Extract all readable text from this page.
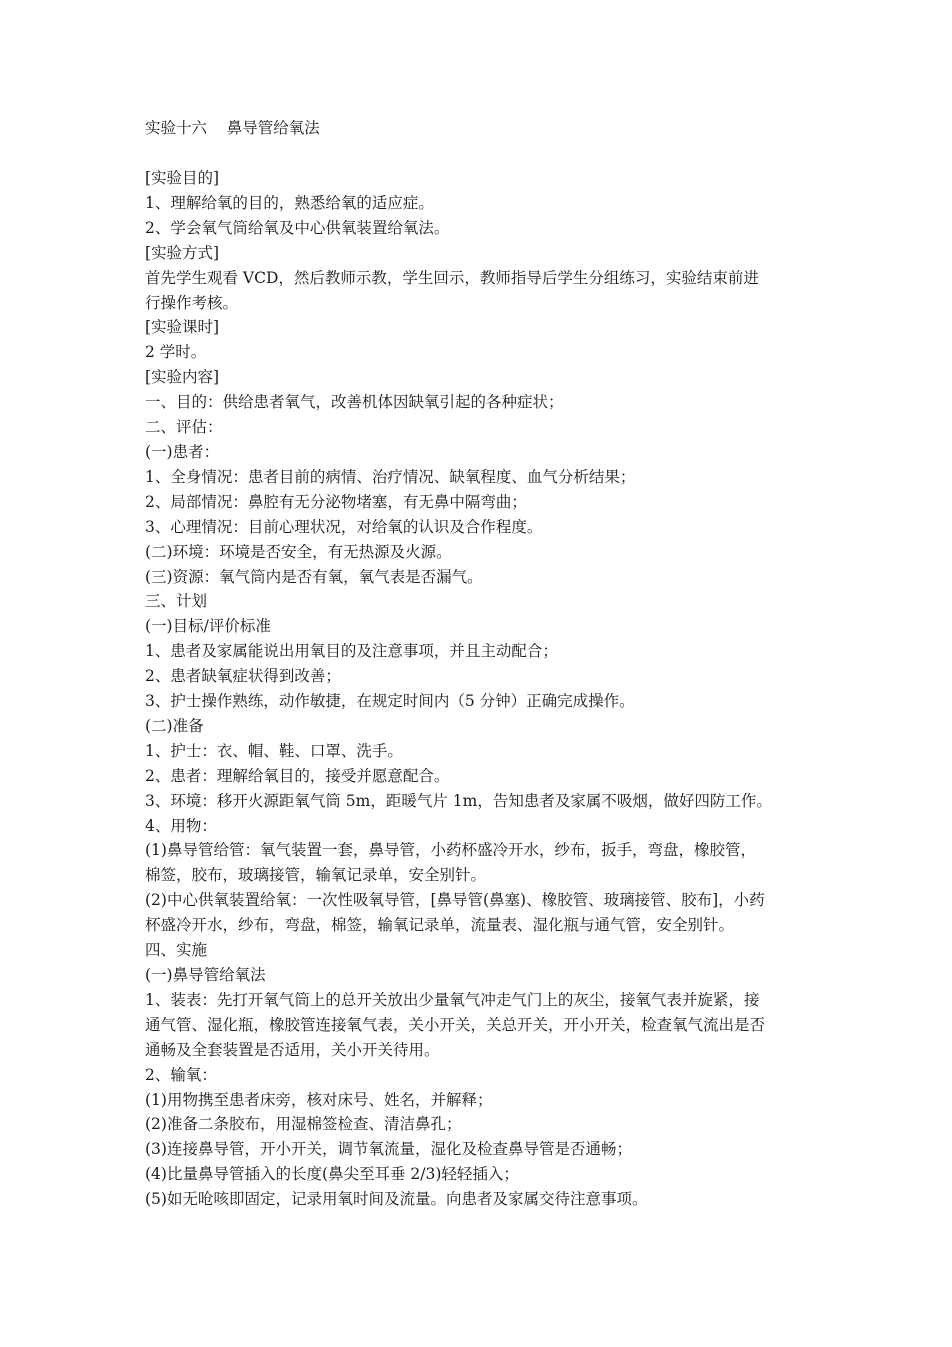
实验十六    鼻导管给氧法
[实验目的]
1、理解给氧的目的，熟悉给氧的适应症。
2、学会氧气筒给氧及中心供氧装置给氧法。
[实验方式]
首先学生观看 VCD，然后教师示教，学生回示，教师指导后学生分组练习，实验结束前进
行操作考核。
[实验课时]
2 学时。
[实验内容]
一、目的：供给患者氧气，改善机体因缺氧引起的各种症状；
二、评估：
(一)患者：
1、全身情况：患者目前的病情、治疗情况、缺氧程度、血气分析结果；
2、局部情况：鼻腔有无分泌物堵塞，有无鼻中隔弯曲；
3、心理情况：目前心理状况，对给氧的认识及合作程度。
(二)环境：环境是否安全，有无热源及火源。
(三)资源：氧气筒内是否有氧，氧气表是否漏气。
三、计划
(一)目标/评价标准
1、患者及家属能说出用氧目的及注意事项，并且主动配合；
2、患者缺氧症状得到改善；
3、护士操作熟练，动作敏捷，在规定时间内（5 分钟）正确完成操作。
(二)准备
1、护士：衣、帽、鞋、口罩、洗手。
2、患者：理解给氧目的，接受并愿意配合。
3、环境：移开火源距氧气筒 5m，距暖气片 1m，告知患者及家属不吸烟，做好四防工作。
4、用物：
(1)鼻导管给管：氧气装置一套，鼻导管，小药杯盛冷开水，纱布，扳手，弯盘，橡胶管，
棉签，胶布，玻璃接管，输氧记录单，安全别针。
(2)中心供氧装置给氧：一次性吸氧导管，[鼻导管(鼻塞)、橡胶管、玻璃接管、胶布]，小药
杯盛冷开水，纱布，弯盘，棉签，输氧记录单，流量表、湿化瓶与通气管，安全别针。
四、实施
(一)鼻导管给氧法
1、装表：先打开氧气筒上的总开关放出少量氧气冲走气门上的灰尘，接氧气表并旋紧，接
通气管、湿化瓶，橡胶管连接氧气表，关小开关，关总开关，开小开关，检查氧气流出是否
通畅及全套装置是否适用，关小开关待用。
2、输氧：
(1)用物携至患者床旁，核对床号、姓名，并解释；
(2)准备二条胶布，用湿棉签检查、清洁鼻孔；
(3)连接鼻导管，开小开关，调节氧流量，湿化及检查鼻导管是否通畅；
(4)比量鼻导管插入的长度(鼻尖至耳垂 2/3)轻轻插入；
(5)如无呛咳即固定，记录用氧时间及流量。向患者及家属交待注意事项。
